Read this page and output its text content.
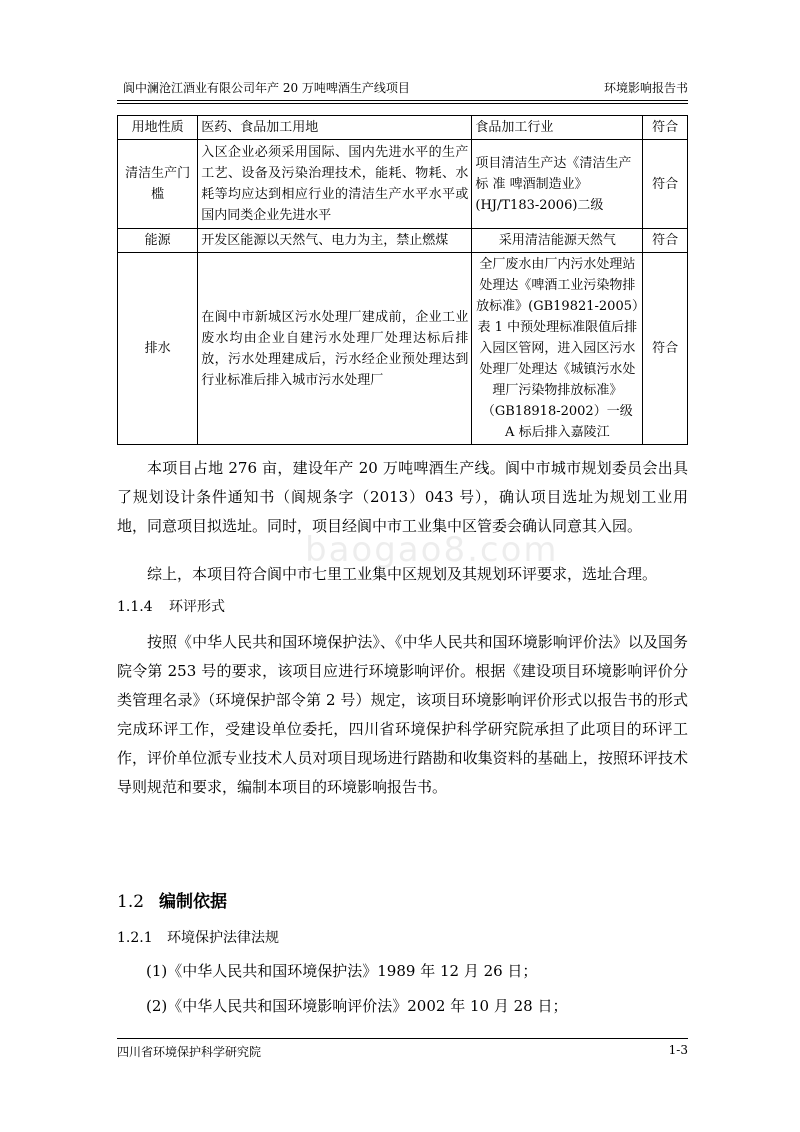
阆中澜沧江酒业有限公司年产 20 万吨啤酒生产线项目	环境影响报告书
用地性质	医药、食品加工用地	食品加工行业	符合
清洁生产门槛	入区企业必须采用国际、国内先进水平的生产工艺、设备及污染治理技术，能耗、物耗、水耗等均应达到相应行业的清洁生产水平水平或国内同类企业先进水平	项目清洁生产达《清洁生产标 准 啤酒制造业》(HJ/T183-2006)二级	符合
能源	开发区能源以天然气、电力为主，禁止燃煤	采用清洁能源天然气	符合
排水	在阆中市新城区污水处理厂建成前，企业工业废水均由企业自建污水处理厂处理达标后排放，污水处理建成后，污水经企业预处理达到行业标准后排入城市污水处理厂	全厂废水由厂内污水处理站处理达《啤酒工业污染物排放标准》(GB19821-2005）表 1 中预处理标准限值后排入园区管网，进入园区污水处理厂处理达《城镇污水处理厂污染物排放标准》（GB18918-2002）一级 A 标后排入嘉陵江	符合
本项目占地 276 亩，建设年产 20 万吨啤酒生产线。阆中市城市规划委员会出具了规划设计条件通知书（阆规条字（2013）043 号），确认项目选址为规划工业用地，同意项目拟选址。同时，项目经阆中市工业集中区管委会确认同意其入园。
综上，本项目符合阆中市七里工业集中区规划及其规划环评要求，选址合理。
1.1.4 环评形式
按照《中华人民共和国环境保护法》、《中华人民共和国环境影响评价法》以及国务院令第 253 号的要求，该项目应进行环境影响评价。根据《建设项目环境影响评价分类管理名录》（环境保护部令第 2 号）规定，该项目环境影响评价形式以报告书的形式完成环评工作，受建设单位委托，四川省环境保护科学研究院承担了此项目的环评工作，评价单位派专业技术人员对项目现场进行踏勘和收集资料的基础上，按照环评技术导则规范和要求，编制本项目的环境影响报告书。
1.2 编制依据
1.2.1 环境保护法律法规
(1)《中华人民共和国环境保护法》1989 年 12 月 26 日；
(2)《中华人民共和国环境影响评价法》2002 年 10 月 28 日；
baogao8.com
四川省环境保护科学研究院	1-3
